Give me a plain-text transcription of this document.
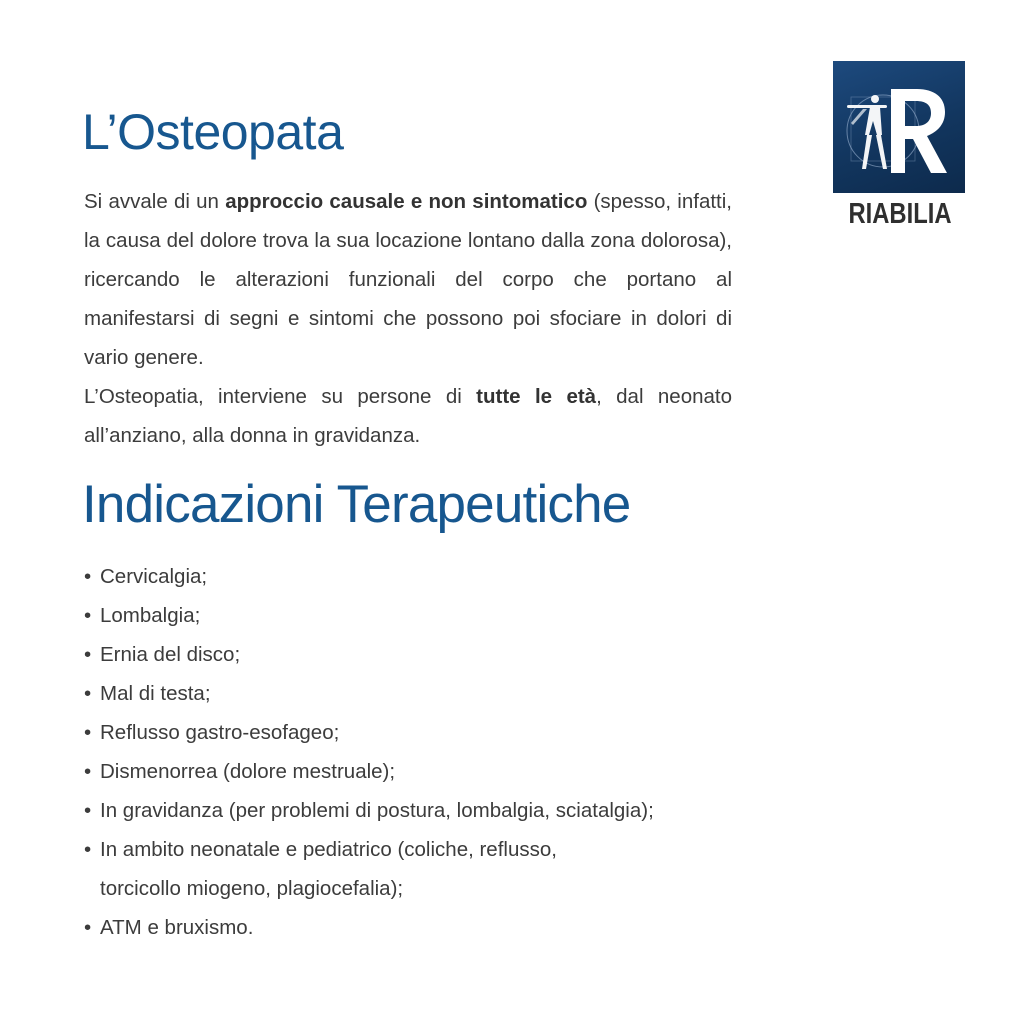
RIABILIA
L’Osteopata

Si avvale di un approccio causale e non sintomatico (spesso, infatti, la causa del dolore trova la sua locazione lontano dalla zona dolorosa), ricercando le alterazioni funzionali del corpo che portano al manifestarsi di segni e sintomi che possono poi sfociare in dolori di vario genere.
L’Osteopatia, interviene su persone di tutte le età, dal neonato all’anziano, alla donna in gravidanza.

Indicazioni Terapeutiche
• Cervicalgia;
• Lombalgia;
• Ernia del disco;
• Mal di testa;
• Reflusso gastro-esofageo;
• Dismenorrea (dolore mestruale);
• In gravidanza (per problemi di postura, lombalgia, sciatalgia);
• In ambito neonatale e pediatrico (coliche, reflusso,
torcicollo miogeno, plagiocefalia);
• ATM e bruxismo.
